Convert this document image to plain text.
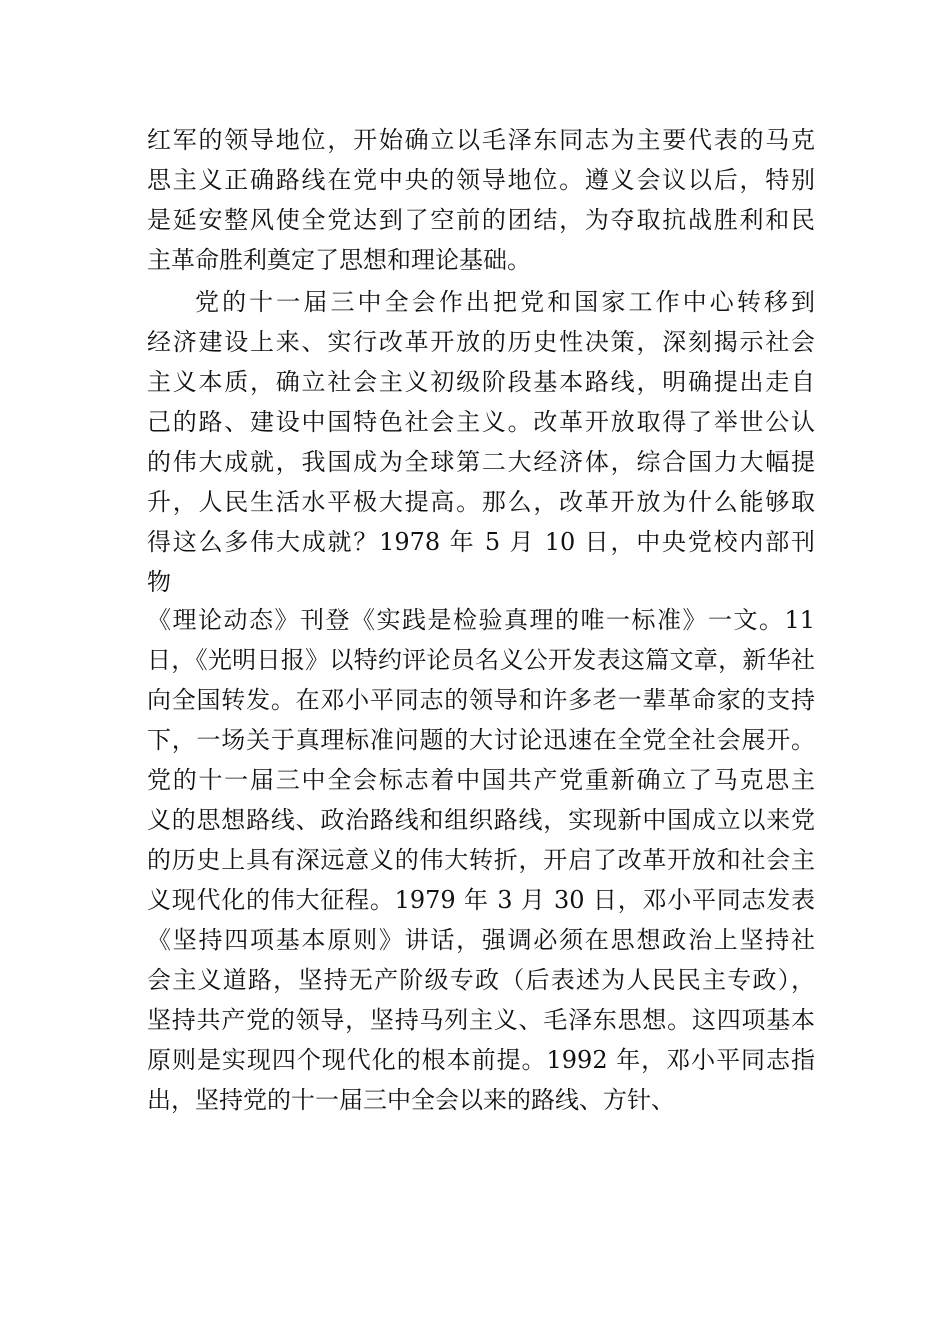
红军的领导地位，开始确立以毛泽东同志为主要代表的马克
思主义正确路线在党中央的领导地位。遵义会议以后，特别
是延安整风使全党达到了空前的团结，为夺取抗战胜利和民
主革命胜利奠定了思想和理论基础。
党的十一届三中全会作出把党和国家工作中心转移到
经济建设上来、实行改革开放的历史性决策，深刻揭示社会
主义本质，确立社会主义初级阶段基本路线，明确提出走自
己的路、建设中国特色社会主义。改革开放取得了举世公认
的伟大成就，我国成为全球第二大经济体，综合国力大幅提
升，人民生活水平极大提高。那么，改革开放为什么能够取
得这么多伟大成就？1978 年 5 月 10 日，中央党校内部刊
物
《理论动态》刊登《实践是检验真理的唯一标准》一文。11
日，《光明日报》以特约评论员名义公开发表这篇文章，新华社
向全国转发。在邓小平同志的领导和许多老一辈革命家的支持
下，一场关于真理标准问题的大讨论迅速在全党全社会展开。
党的十一届三中全会标志着中国共产党重新确立了马克思主
义的思想路线、政治路线和组织路线，实现新中国成立以来党
的历史上具有深远意义的伟大转折，开启了改革开放和社会主
义现代化的伟大征程。1979 年 3 月 30 日，邓小平同志发表
《坚持四项基本原则》讲话，强调必须在思想政治上坚持社
会主义道路，坚持无产阶级专政（后表述为人民民主专政），
坚持共产党的领导，坚持马列主义、毛泽东思想。这四项基本
原则是实现四个现代化的根本前提。1992 年，邓小平同志指
出，坚持党的十一届三中全会以来的路线、方针、
